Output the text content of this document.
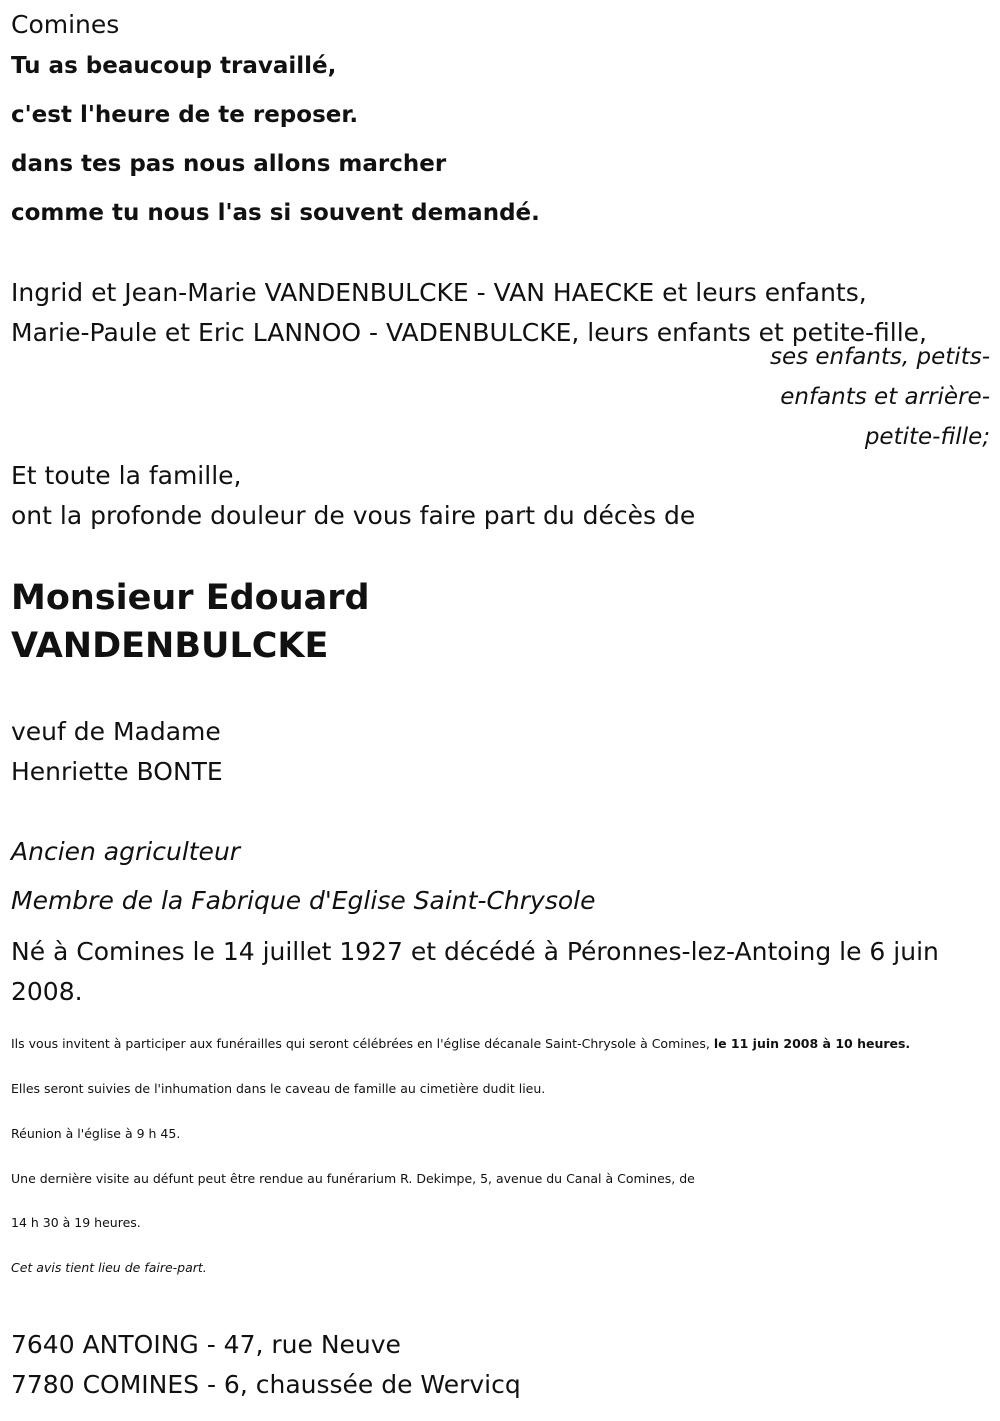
Comines
Tu as beaucoup travaillé,
c'est l'heure de te reposer.
dans tes pas nous allons marcher
comme tu nous l'as si souvent demandé.
Ingrid et Jean-Marie VANDENBULCKE - VAN HAECKE et leurs enfants,
Marie-Paule et Eric LANNOO - VADENBULCKE, leurs enfants et petite-fille,
ses enfants, petits-
enfants et arrière-
petite-fille;
Et toute la famille,
ont la profonde douleur de vous faire part du décès de
Monsieur Edouard
VANDENBULCKE
veuf de Madame
Henriette BONTE
Ancien agriculteur
Membre de la Fabrique d'Eglise Saint-Chrysole
Né à Comines le 14 juillet 1927 et décédé à Péronnes-lez-Antoing le 6 juin
2008.
Ils vous invitent à participer aux funérailles qui seront célébrées en l'église décanale Saint-Chrysole à Comines, le 11 juin 2008 à 10 heures.
Elles seront suivies de l'inhumation dans le caveau de famille au cimetière dudit lieu.
Réunion à l'église à 9 h 45.
Une dernière visite au défunt peut être rendue au funérarium R. Dekimpe, 5, avenue du Canal à Comines, de
14 h 30 à 19 heures.
Cet avis tient lieu de faire-part.
7640 ANTOING - 47, rue Neuve
7780 COMINES - 6, chaussée de Wervicq
